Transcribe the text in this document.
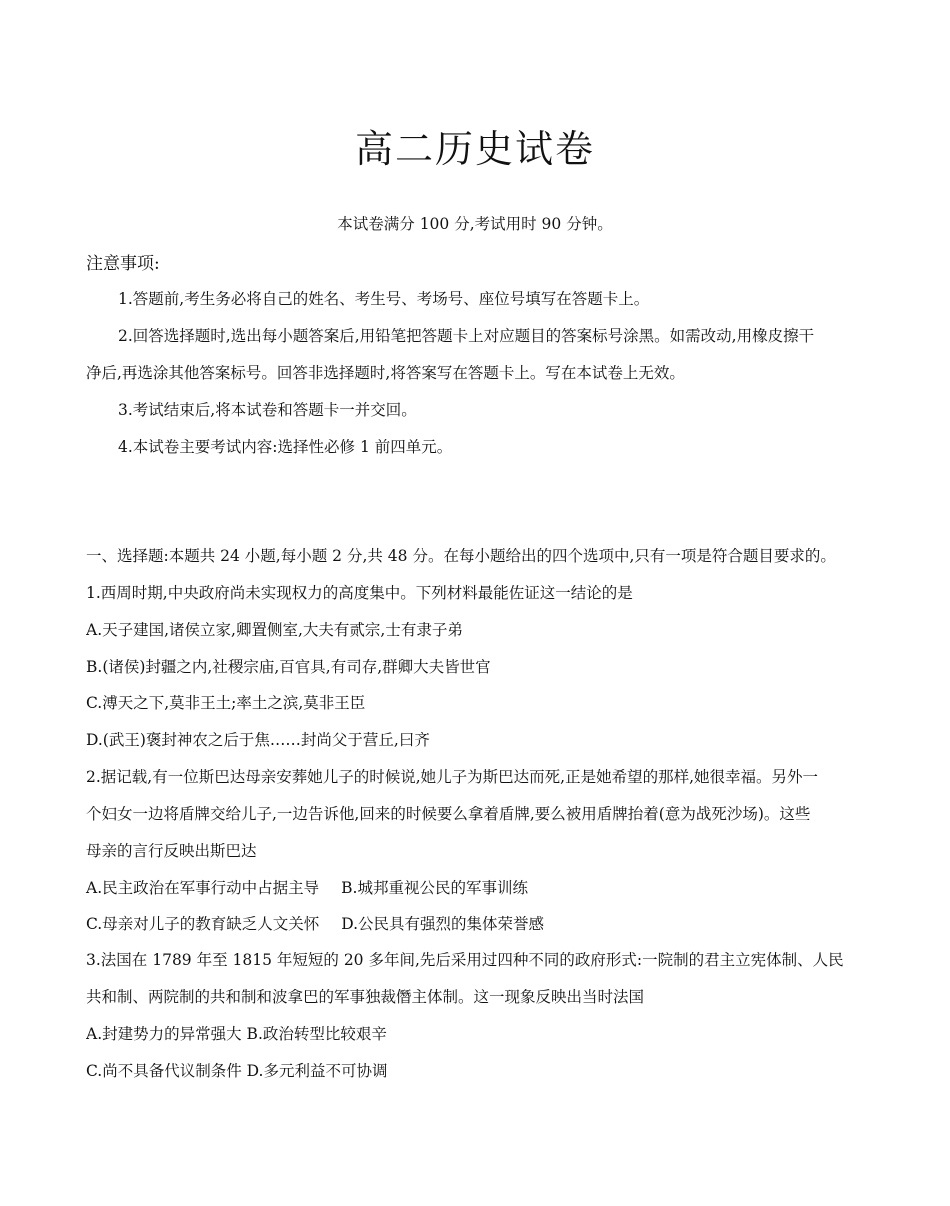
高二历史试卷
本试卷满分 100 分,考试用时 90 分钟。
注意事项:
1.答题前,考生务必将自己的姓名、考生号、考场号、座位号填写在答题卡上。
2.回答选择题时,选出每小题答案后,用铅笔把答题卡上对应题目的答案标号涂黑。如需改动,用橡皮擦干
净后,再选涂其他答案标号。回答非选择题时,将答案写在答题卡上。写在本试卷上无效。
3.考试结束后,将本试卷和答题卡一并交回。
4.本试卷主要考试内容:选择性必修 1 前四单元。
一、选择题:本题共 24 小题,每小题 2 分,共 48 分。在每小题给出的四个选项中,只有一项是符合题目要求的。
1.西周时期,中央政府尚未实现权力的高度集中。下列材料最能佐证这一结论的是
A.天子建国,诸侯立家,卿置侧室,大夫有贰宗,士有隶子弟
B.(诸侯)封疆之内,社稷宗庙,百官具,有司存,群卿大夫皆世官
C.溥天之下,莫非王土;率土之滨,莫非王臣
D.(武王)褒封神农之后于焦……封尚父于营丘,曰齐
2.据记载,有一位斯巴达母亲安葬她儿子的时候说,她儿子为斯巴达而死,正是她希望的那样,她很幸福。另外一
个妇女一边将盾牌交给儿子,一边告诉他,回来的时候要么拿着盾牌,要么被用盾牌抬着(意为战死沙场)。这些
母亲的言行反映出斯巴达
A.民主政治在军事行动中占据主导 B.城邦重视公民的军事训练
C.母亲对儿子的教育缺乏人文关怀 D.公民具有强烈的集体荣誉感
3.法国在 1789 年至 1815 年短短的 20 多年间,先后采用过四种不同的政府形式:一院制的君主立宪体制、人民
共和制、两院制的共和制和波拿巴的军事独裁僭主体制。这一现象反映出当时法国
A.封建势力的异常强大 B.政治转型比较艰辛
C.尚不具备代议制条件 D.多元利益不可协调
